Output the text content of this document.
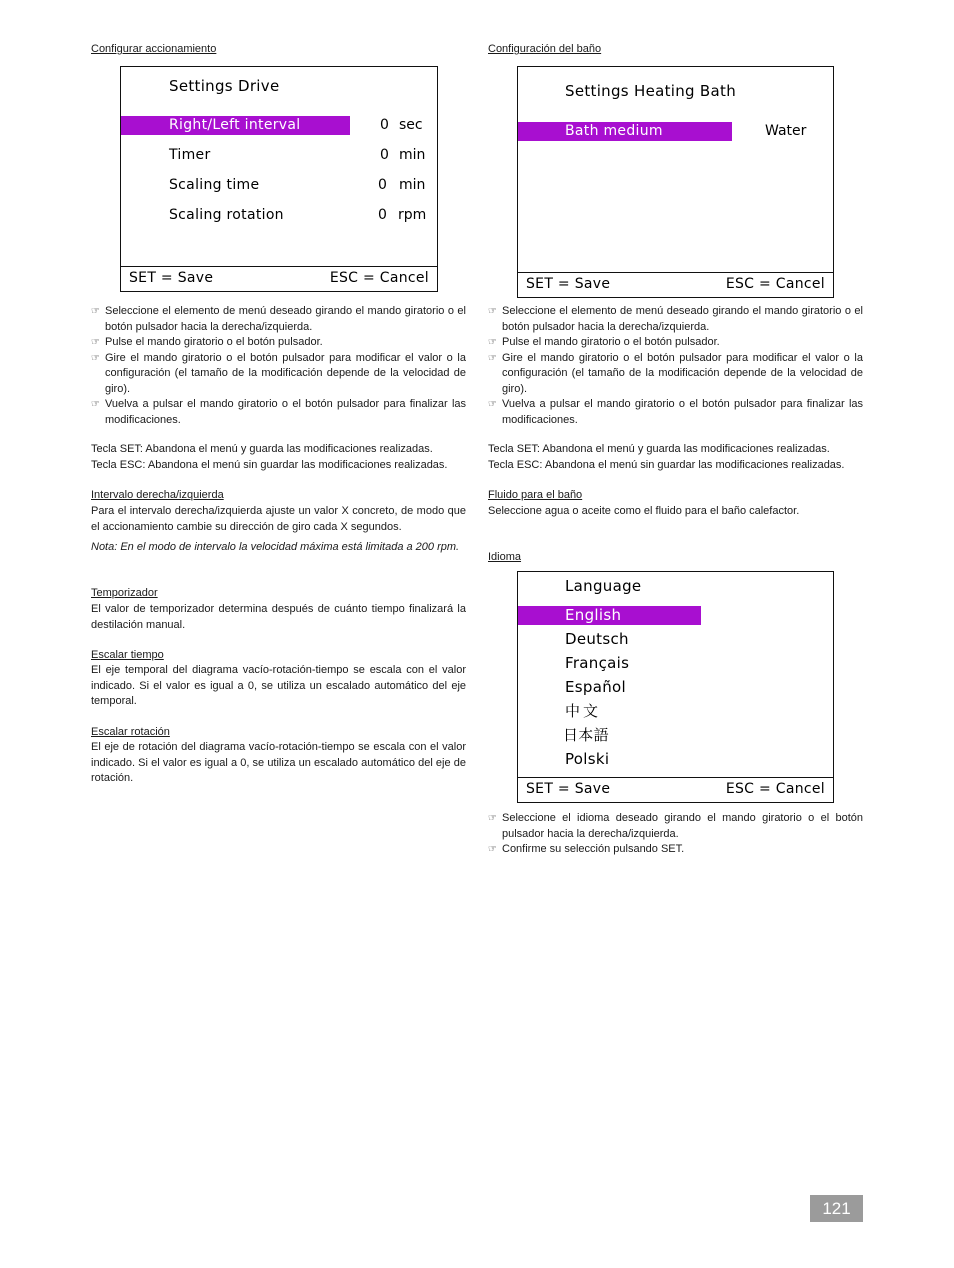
Configurar accionamiento

Settings Drive
Right/Left interval	0 sec
Timer	0 min
Scaling time	0 min
Scaling rotation	0 rpm
SET = Save	ESC = Cancel
☞ Seleccione el elemento de menú deseado girando el mando giratorio o el botón pulsador hacia la derecha/izquierda.
☞ Pulse el mando giratorio o el botón pulsador.
☞ Gire el mando giratorio o el botón pulsador para modificar el valor o la configuración (el tamaño de la modificación depende de la velocidad de giro).
☞ Vuelva a pulsar el mando giratorio o el botón pulsador para finalizar las modificaciones.

Tecla SET: Abandona el menú y guarda las modificaciones realizadas.

Tecla ESC: Abandona el menú sin guardar las modificaciones realizadas.

Intervalo derecha/izquierda

Para el intervalo derecha/izquierda ajuste un valor X concreto, de modo que el accionamiento cambie su dirección de giro cada X segundos.

Nota: En el modo de intervalo la velocidad máxima está limitada a 200 rpm.

Temporizador

El valor de temporizador determina después de cuánto tiempo finalizará la destilación manual.

Escalar tiempo

El eje temporal del diagrama vacío-rotación-tiempo se escala con el valor indicado. Si el valor es igual a 0, se utiliza un escalado automático del eje temporal.

Escalar rotación

El eje de rotación del diagrama vacío-rotación-tiempo se escala con el valor indicado. Si el valor es igual a 0, se utiliza un escalado automático del eje de rotación.

Configuración del baño

Settings Heating Bath
Bath medium	Water
SET = Save	ESC = Cancel
☞ Seleccione el elemento de menú deseado girando el mando giratorio o el botón pulsador hacia la derecha/izquierda.
☞ Pulse el mando giratorio o el botón pulsador.
☞ Gire el mando giratorio o el botón pulsador para modificar el valor o la configuración (el tamaño de la modificación depende de la velocidad de giro).
☞ Vuelva a pulsar el mando giratorio o el botón pulsador para finalizar las modificaciones.

Tecla SET: Abandona el menú y guarda las modificaciones realizadas.

Tecla ESC: Abandona el menú sin guardar las modificaciones realizadas.

Fluido para el baño

Seleccione agua o aceite como el fluido para el baño calefactor.

Idioma

Language
English
Deutsch
Français
Español
中文
日本語
Polski
SET = Save	ESC = Cancel
☞ Seleccione el idioma deseado girando el mando giratorio o el botón pulsador hacia la derecha/izquierda.
☞ Confirme su selección pulsando SET.
121
